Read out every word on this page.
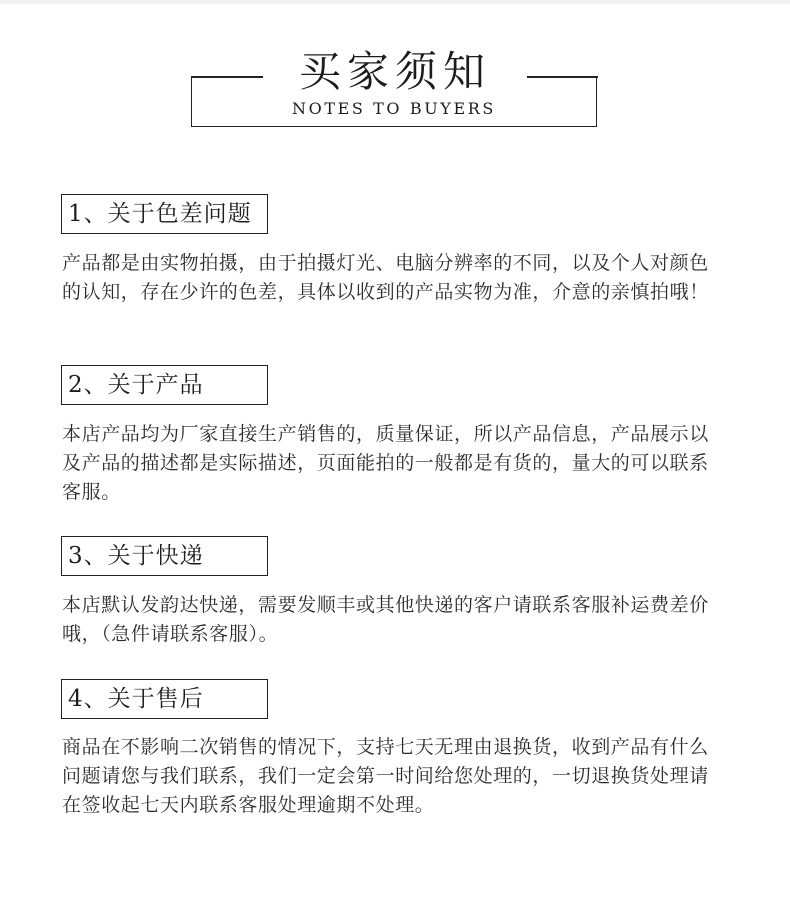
买家须知
NOTES TO BUYERS
1、关于色差问题
产品都是由实物拍摄，由于拍摄灯光、电脑分辨率的不同，以及个人对颜色的认知，存在少许的色差，具体以收到的产品实物为准，介意的亲慎拍哦！
2、关于产品
本店产品均为厂家直接生产销售的，质量保证，所以产品信息，产品展示以及产品的描述都是实际描述，页面能拍的一般都是有货的，量大的可以联系客服。
3、关于快递
本店默认发韵达快递，需要发顺丰或其他快递的客户请联系客服补运费差价哦，（急件请联系客服）。
4、关于售后
商品在不影响二次销售的情况下，支持七天无理由退换货，收到产品有什么问题请您与我们联系，我们一定会第一时间给您处理的，一切退换货处理请在签收起七天内联系客服处理逾期不处理。
